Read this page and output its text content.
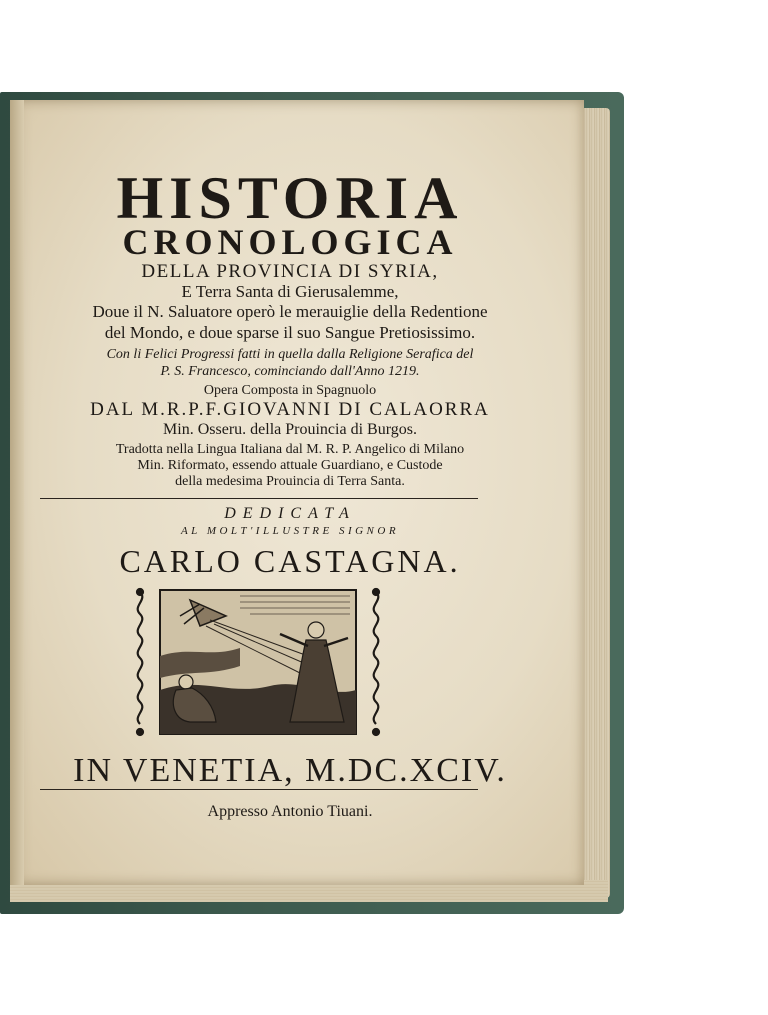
HISTORIA
CRONOLOGICA
DELLA PROVINCIA DI SYRIA,
E Terra Santa di Gierusalemme,
Doue il N. Saluatore operò le merauiglie della Redentione
del Mondo, e doue sparse il suo Sangue Pretiosissimo.
Con li Felici Progressi fatti in quella dalla Religione Serafica del
P. S. Francesco, cominciando dall'Anno 1219.
Opera Composta in Spagnuolo
DAL M.R.P.F.GIOVANNI DI CALAORRA
Min. Osseru. della Prouincia di Burgos.
Tradotta nella Lingua Italiana dal M. R. P. Angelico di Milano
Min. Riformato, essendo attuale Guardiano, e Custode
della medesima Prouincia di Terra Santa.
DEDICATA
AL MOLT'ILLUSTRE SIGNOR
CARLO CASTAGNA.
IN VENETIA, M.DC.XCIV.
Appresso Antonio Tiuani.
